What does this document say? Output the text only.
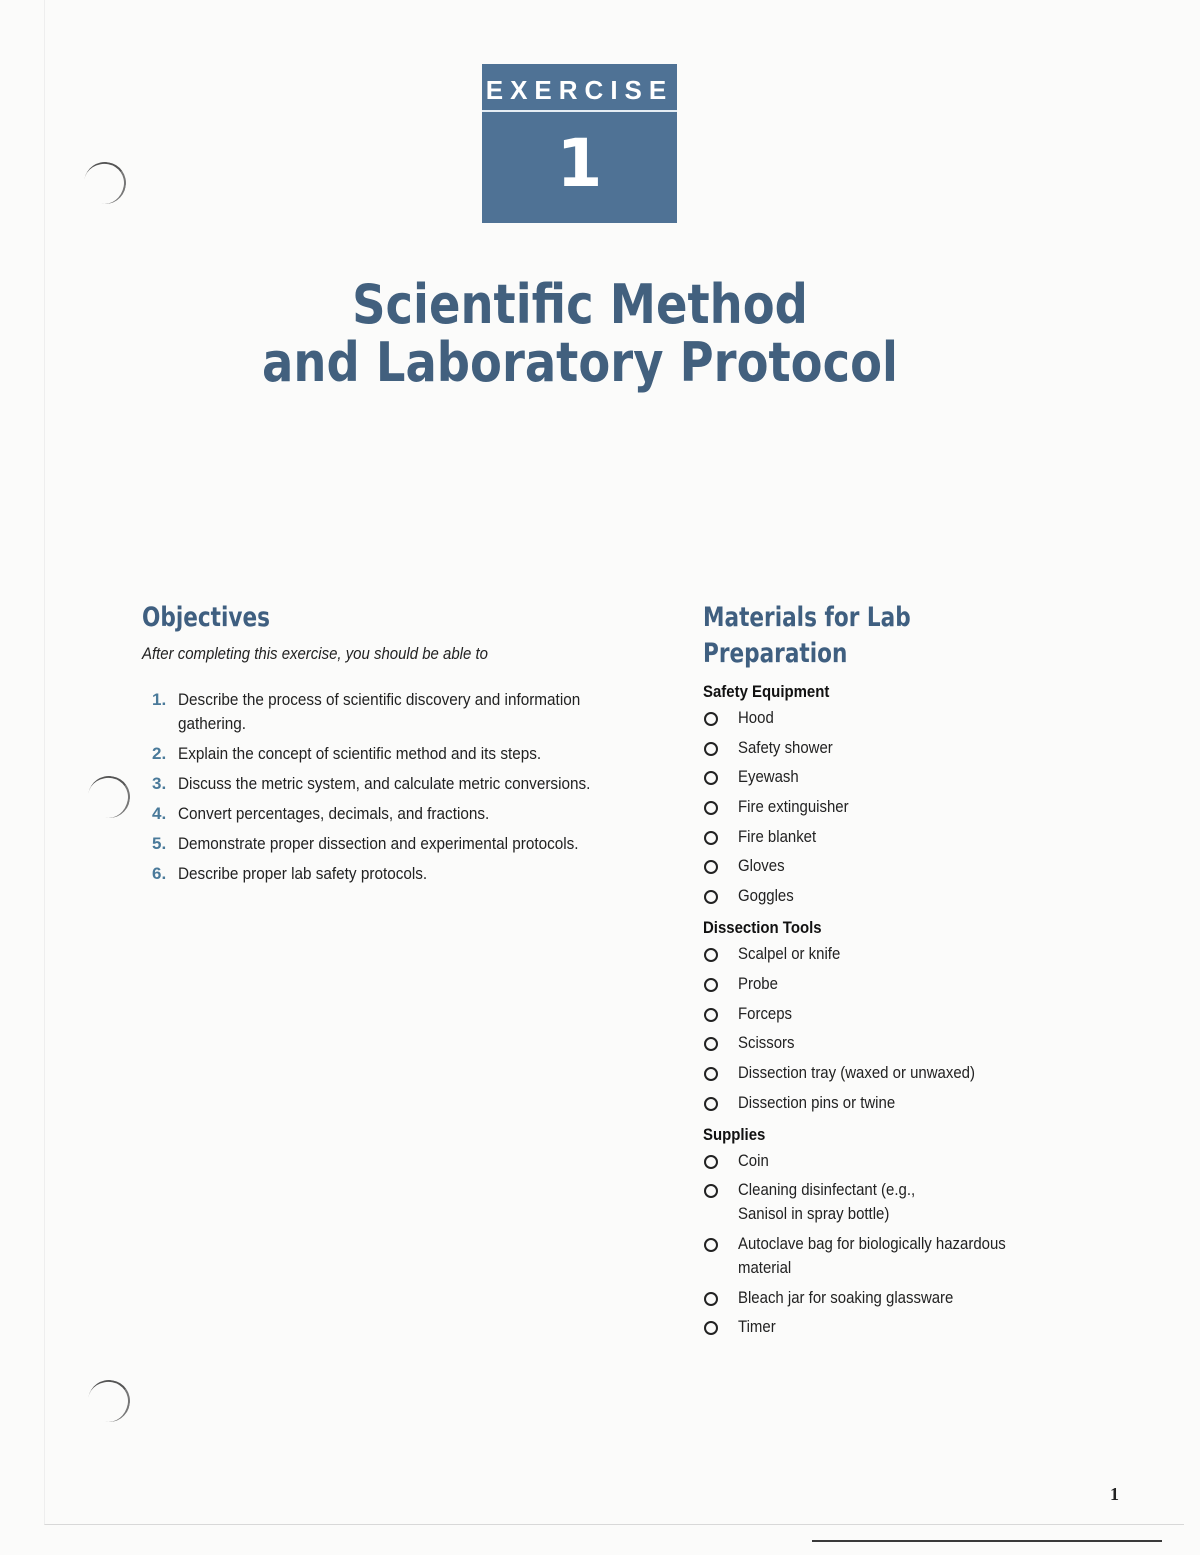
EXERCISE
1
Scientific Method
and Laboratory Protocol
Objectives

After completing this exercise, you should be able to

1. Describe the process of scientific discovery and information gathering.
2. Explain the concept of scientific method and its steps.
3. Discuss the metric system, and calculate metric conversions.
4. Convert percentages, decimals, and fractions.
5. Demonstrate proper dissection and experimental protocols.
6. Describe proper lab safety protocols.
Materials for Lab
Preparation
Safety Equipment
Hood
Safety shower
Eyewash
Fire extinguisher
Fire blanket
Gloves
Goggles
Dissection Tools
Scalpel or knife
Probe
Forceps
Scissors
Dissection tray (waxed or unwaxed)
Dissection pins or twine
Supplies
Coin
Cleaning disinfectant (e.g., Sanisol in spray bottle)
Autoclave bag for biologically hazardous material
Bleach jar for soaking glassware
Timer
1
